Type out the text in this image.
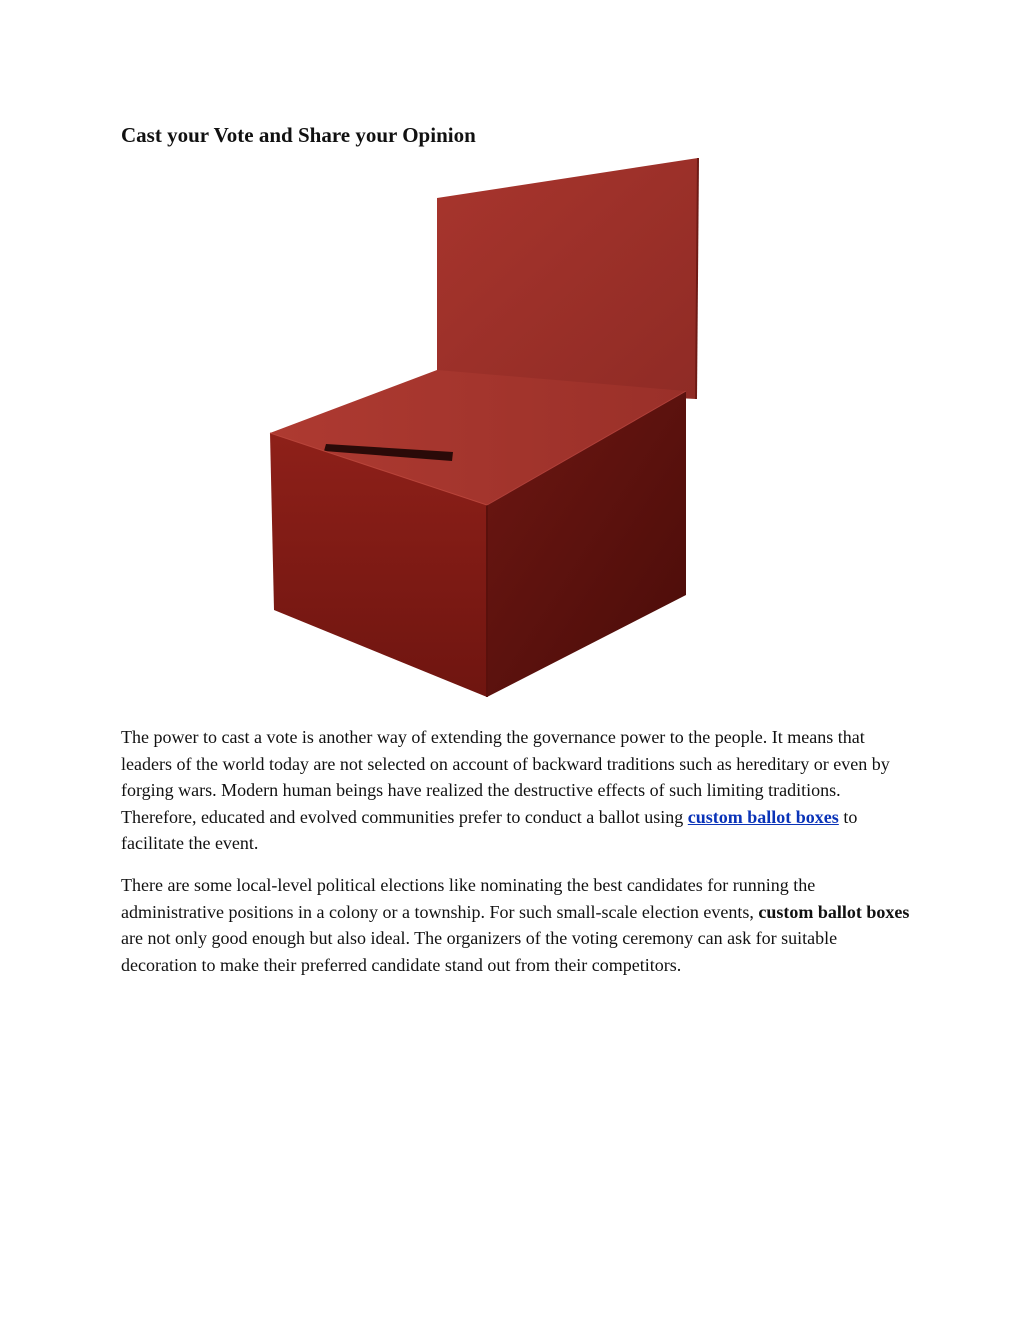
Cast your Vote and Share your Opinion

The power to cast a vote is another way of extending the governance power to the people. It means that leaders of the world today are not selected on account of backward traditions such as hereditary or even by forging wars. Modern human beings have realized the destructive effects of such limiting traditions. Therefore, educated and evolved communities prefer to conduct a ballot using custom ballot boxes to facilitate the event.

There are some local-level political elections like nominating the best candidates for running the administrative positions in a colony or a township. For such small-scale election events, custom ballot boxes are not only good enough but also ideal. The organizers of the voting ceremony can ask for suitable decoration to make their preferred candidate stand out from their competitors.
